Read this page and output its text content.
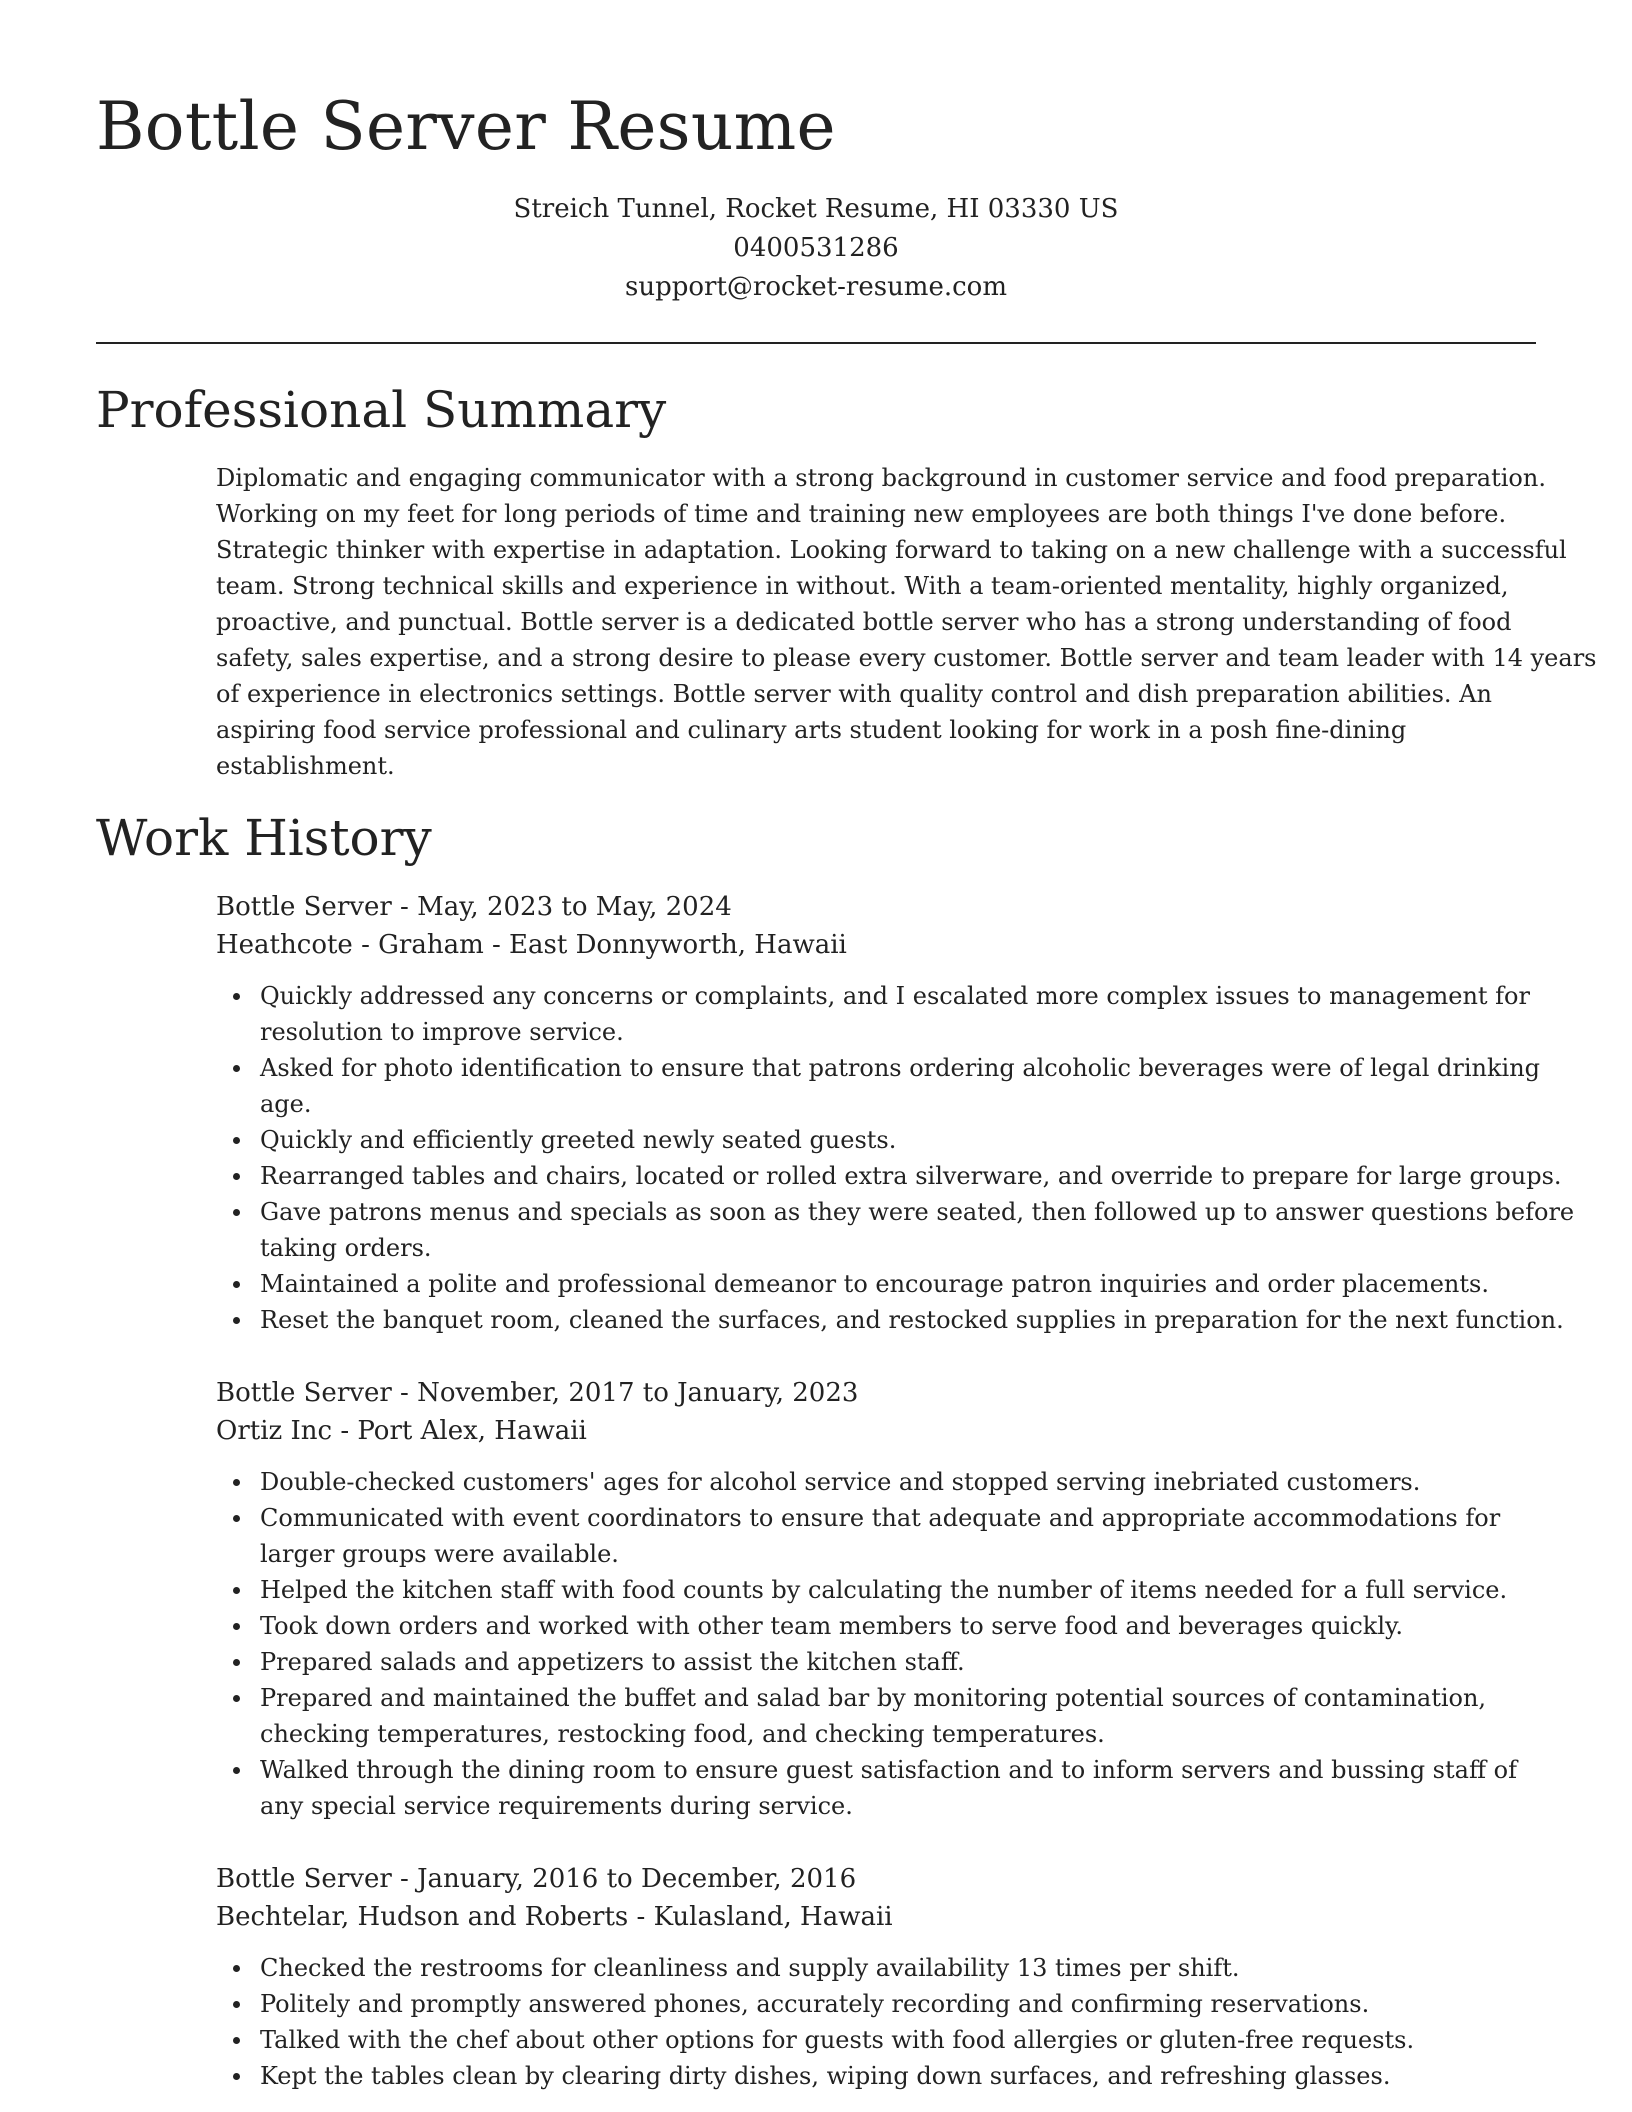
Bottle Server Resume
Streich Tunnel, Rocket Resume, HI 03330 US
0400531286
support@rocket-resume.com
Professional Summary
Diplomatic and engaging communicator with a strong background in customer service and food preparation.
Working on my feet for long periods of time and training new employees are both things I've done before.
Strategic thinker with expertise in adaptation. Looking forward to taking on a new challenge with a successful
team. Strong technical skills and experience in without. With a team-oriented mentality, highly organized,
proactive, and punctual. Bottle server is a dedicated bottle server who has a strong understanding of food
safety, sales expertise, and a strong desire to please every customer. Bottle server and team leader with 14 years
of experience in electronics settings. Bottle server with quality control and dish preparation abilities. An
aspiring food service professional and culinary arts student looking for work in a posh fine-dining
establishment.
Work History
Bottle Server - May, 2023 to May, 2024
Heathcote - Graham - East Donnyworth, Hawaii
Quickly addressed any concerns or complaints, and I escalated more complex issues to management for
resolution to improve service.
Asked for photo identification to ensure that patrons ordering alcoholic beverages were of legal drinking
age.
Quickly and efficiently greeted newly seated guests.
Rearranged tables and chairs, located or rolled extra silverware, and override to prepare for large groups.
Gave patrons menus and specials as soon as they were seated, then followed up to answer questions before
taking orders.
Maintained a polite and professional demeanor to encourage patron inquiries and order placements.
Reset the banquet room, cleaned the surfaces, and restocked supplies in preparation for the next function.
Bottle Server - November, 2017 to January, 2023
Ortiz Inc - Port Alex, Hawaii
Double-checked customers' ages for alcohol service and stopped serving inebriated customers.
Communicated with event coordinators to ensure that adequate and appropriate accommodations for
larger groups were available.
Helped the kitchen staff with food counts by calculating the number of items needed for a full service.
Took down orders and worked with other team members to serve food and beverages quickly.
Prepared salads and appetizers to assist the kitchen staff.
Prepared and maintained the buffet and salad bar by monitoring potential sources of contamination,
checking temperatures, restocking food, and checking temperatures.
Walked through the dining room to ensure guest satisfaction and to inform servers and bussing staff of
any special service requirements during service.
Bottle Server - January, 2016 to December, 2016
Bechtelar, Hudson and Roberts - Kulasland, Hawaii
Checked the restrooms for cleanliness and supply availability 13 times per shift.
Politely and promptly answered phones, accurately recording and confirming reservations.
Talked with the chef about other options for guests with food allergies or gluten-free requests.
Kept the tables clean by clearing dirty dishes, wiping down surfaces, and refreshing glasses.
